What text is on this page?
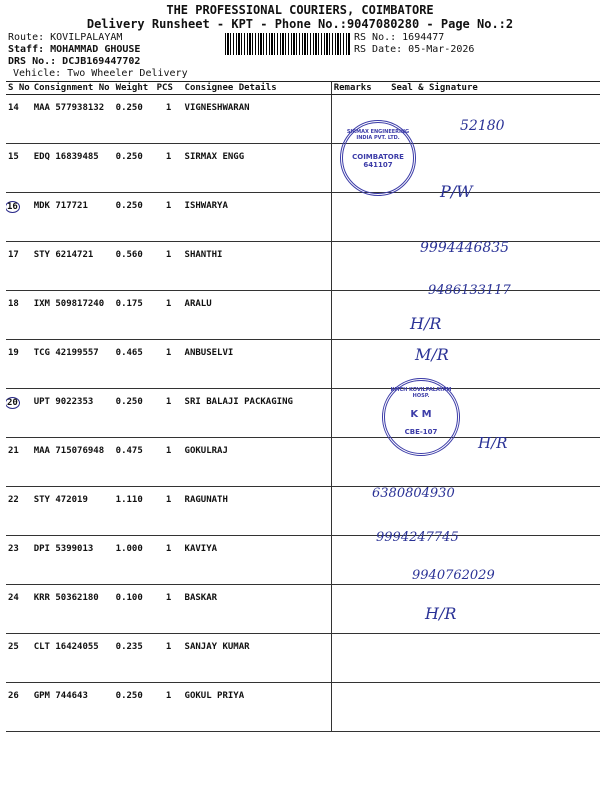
THE PROFESSIONAL COURIERS, COIMBATORE
Delivery Runsheet - KPT - Phone No.:9047080280 - Page No.:2
Route: KOVILPALAYAM
Staff: MOHAMMAD GHOUSE
DRS No.: DCJB169447702
Vehicle: Two Wheeler Delivery
RS No.: 1694477
RS Date: 05-Mar-2026
S No	Consignment No	Weight	PCS	Consignee Details	Remarks	Seal & Signature
14	MAA 577938132	0.250	1	VIGNESHWARAN		
15	EDQ 16839485	0.250	1	SIRMAX ENGG		
16	MDK 717721	0.250	1	ISHWARYA		
17	STY 6214721	0.560	1	SHANTHI		
18	IXM 509817240	0.175	1	ARALU		
19	TCG 42199557	0.465	1	ANBUSELVI		
20	UPT 9022353	0.250	1	SRI BALAJI PACKAGING		
21	MAA 715076948	0.475	1	GOKULRAJ		
22	STY 472019	1.110	1	RAGUNATH		
23	DPI 5399013	1.000	1	KAVIYA		
24	KRR 50362180	0.100	1	BASKAR		
25	CLT 16424055	0.235	1	SANJAY KUMAR		
26	GPM 744643	0.250	1	GOKUL PRIYA		
SIRMAX ENGINEERING INDIA PVT. LTD.
COIMBATORE
641107
KMCH KOVILPALAYAM HOSP.
K M
CBE-107
52180
P/W
9994446835
9486133117
H/R
M/R
H/R
6380804930
9994247745
9940762029
H/R
